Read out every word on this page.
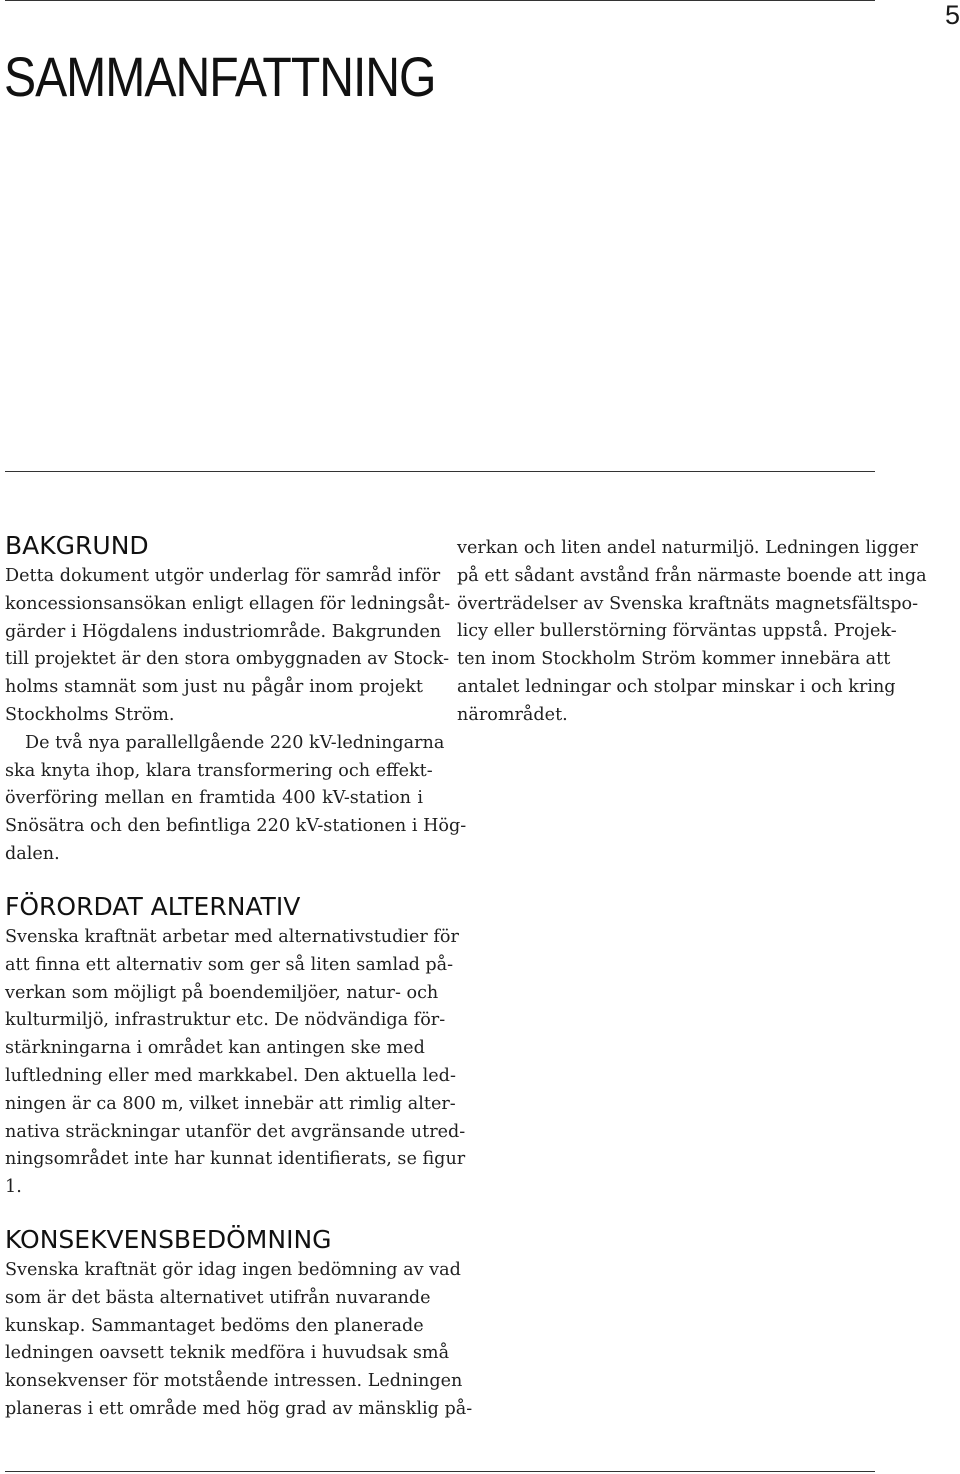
5
SAMMANFATTNING
BAKGRUND
Detta dokument utgör underlag för samråd inför
koncessionsansökan enligt ellagen för ledningsåt-
gärder i Högdalens industriområde. Bakgrunden
till projektet är den stora ombyggnaden av Stock-
holms stamnät som just nu pågår inom projekt
Stockholms Ström.
De två nya parallellgående 220 kV-ledningarna
ska knyta ihop, klara transformering och effekt-
överföring mellan en framtida 400 kV-station i
Snösätra och den befintliga 220 kV-stationen i Hög-
dalen.
FÖRORDAT ALTERNATIV
Svenska kraftnät arbetar med alternativstudier för
att finna ett alternativ som ger så liten samlad på-
verkan som möjligt på boendemiljöer, natur- och
kulturmiljö, infrastruktur etc. De nödvändiga för-
stärkningarna i området kan antingen ske med
luftledning eller med markkabel. Den aktuella led-
ningen är ca 800 m, vilket innebär att rimlig alter-
nativa sträckningar utanför det avgränsande utred-
ningsområdet inte har kunnat identifierats, se figur
1.
KONSEKVENSBEDÖMNING
Svenska kraftnät gör idag ingen bedömning av vad
som är det bästa alternativet utifrån nuvarande
kunskap. Sammantaget bedöms den planerade
ledningen oavsett teknik medföra i huvudsak små
konsekvenser för motstående intressen. Ledningen
planeras i ett område med hög grad av mänsklig på-
verkan och liten andel naturmiljö. Ledningen ligger
på ett sådant avstånd från närmaste boende att inga
överträdelser av Svenska kraftnäts magnetsfältspo-
licy eller bullerstörning förväntas uppstå. Projek-
ten inom Stockholm Ström kommer innebära att
antalet ledningar och stolpar minskar i och kring
närområdet.
